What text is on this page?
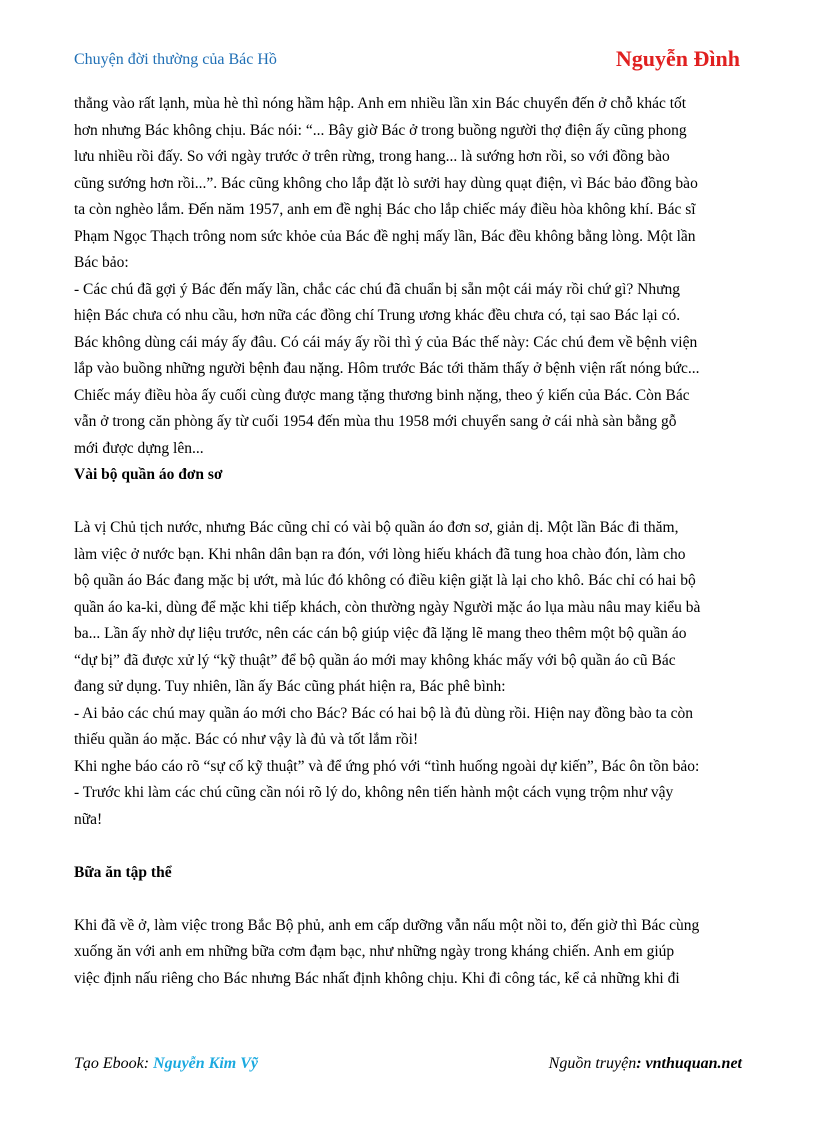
Chuyện đời thường của Bác Hồ	Nguyễn Đình

thẳng vào rất lạnh, mùa hè thì nóng hầm hập. Anh em nhiều lần xin Bác chuyển đến ở chỗ khác tốt

hơn nhưng Bác không chịu. Bác nói: “... Bây giờ Bác ở trong buồng người thợ điện ấy cũng phong

lưu nhiều rồi đấy. So với ngày trước ở trên rừng, trong hang... là sướng hơn rồi, so với đồng bào

cũng sướng hơn rồi...”. Bác cũng không cho lắp đặt lò sưởi hay dùng quạt điện, vì Bác bảo đồng bào

ta còn nghèo lắm. Đến năm 1957, anh em đề nghị Bác cho lắp chiếc máy điều hòa không khí. Bác sĩ

Phạm Ngọc Thạch trông nom sức khỏe của Bác đề nghị mấy lần, Bác đều không bằng lòng. Một lần

Bác bảo:

- Các chú đã gợi ý Bác đến mấy lần, chắc các chú đã chuẩn bị sẵn một cái máy rồi chứ gì? Nhưng

hiện Bác chưa có nhu cầu, hơn nữa các đồng chí Trung ương khác đều chưa có, tại sao Bác lại có.

Bác không dùng cái máy ấy đâu. Có cái máy ấy rồi thì ý của Bác thế này: Các chú đem về bệnh viện

lắp vào buồng những người bệnh đau nặng. Hôm trước Bác tới thăm thấy ở bệnh viện rất nóng bức...

Chiếc máy điều hòa ấy cuối cùng được mang tặng thương binh nặng, theo ý kiến của Bác. Còn Bác

vẫn ở trong căn phòng ấy từ cuối 1954 đến mùa thu 1958 mới chuyển sang ở cái nhà sàn bằng gỗ

mới được dựng lên...

Vài bộ quần áo đơn sơ

Là vị Chủ tịch nước, nhưng Bác cũng chỉ có vài bộ quần áo đơn sơ, giản dị. Một lần Bác đi thăm,

làm việc ở nước bạn. Khi nhân dân bạn ra đón, với lòng hiếu khách đã tung hoa chào đón, làm cho

bộ quần áo Bác đang mặc bị ướt, mà lúc đó không có điều kiện giặt là lại cho khô. Bác chỉ có hai bộ

quần áo ka-ki, dùng để mặc khi tiếp khách, còn thường ngày Người mặc áo lụa màu nâu may kiểu bà

ba... Lần ấy nhờ dự liệu trước, nên các cán bộ giúp việc đã lặng lẽ mang theo thêm một bộ quần áo

“dự bị” đã được xử lý “kỹ thuật” để bộ quần áo mới may không khác mấy với bộ quần áo cũ Bác

đang sử dụng. Tuy nhiên, lần ấy Bác cũng phát hiện ra, Bác phê bình:

- Ai bảo các chú may quần áo mới cho Bác? Bác có hai bộ là đủ dùng rồi. Hiện nay đồng bào ta còn

thiếu quần áo mặc. Bác có như vậy là đủ và tốt lắm rồi!

Khi nghe báo cáo rõ “sự cố kỹ thuật” và để ứng phó với “tình huống ngoài dự kiến”, Bác ôn tồn bảo:

- Trước khi làm các chú cũng cần nói rõ lý do, không nên tiến hành một cách vụng trộm như vậy

nữa!

Bữa ăn tập thể

Khi đã về ở, làm việc trong Bắc Bộ phủ, anh em cấp dưỡng vẫn nấu một nồi to, đến giờ thì Bác cùng

xuống ăn với anh em những bữa cơm đạm bạc, như những ngày trong kháng chiến. Anh em giúp

việc định nấu riêng cho Bác nhưng Bác nhất định không chịu. Khi đi công tác, kể cả những khi đi

Tạo Ebook: Nguyễn Kim Vỹ	Nguồn truyện: vnthuquan.net
